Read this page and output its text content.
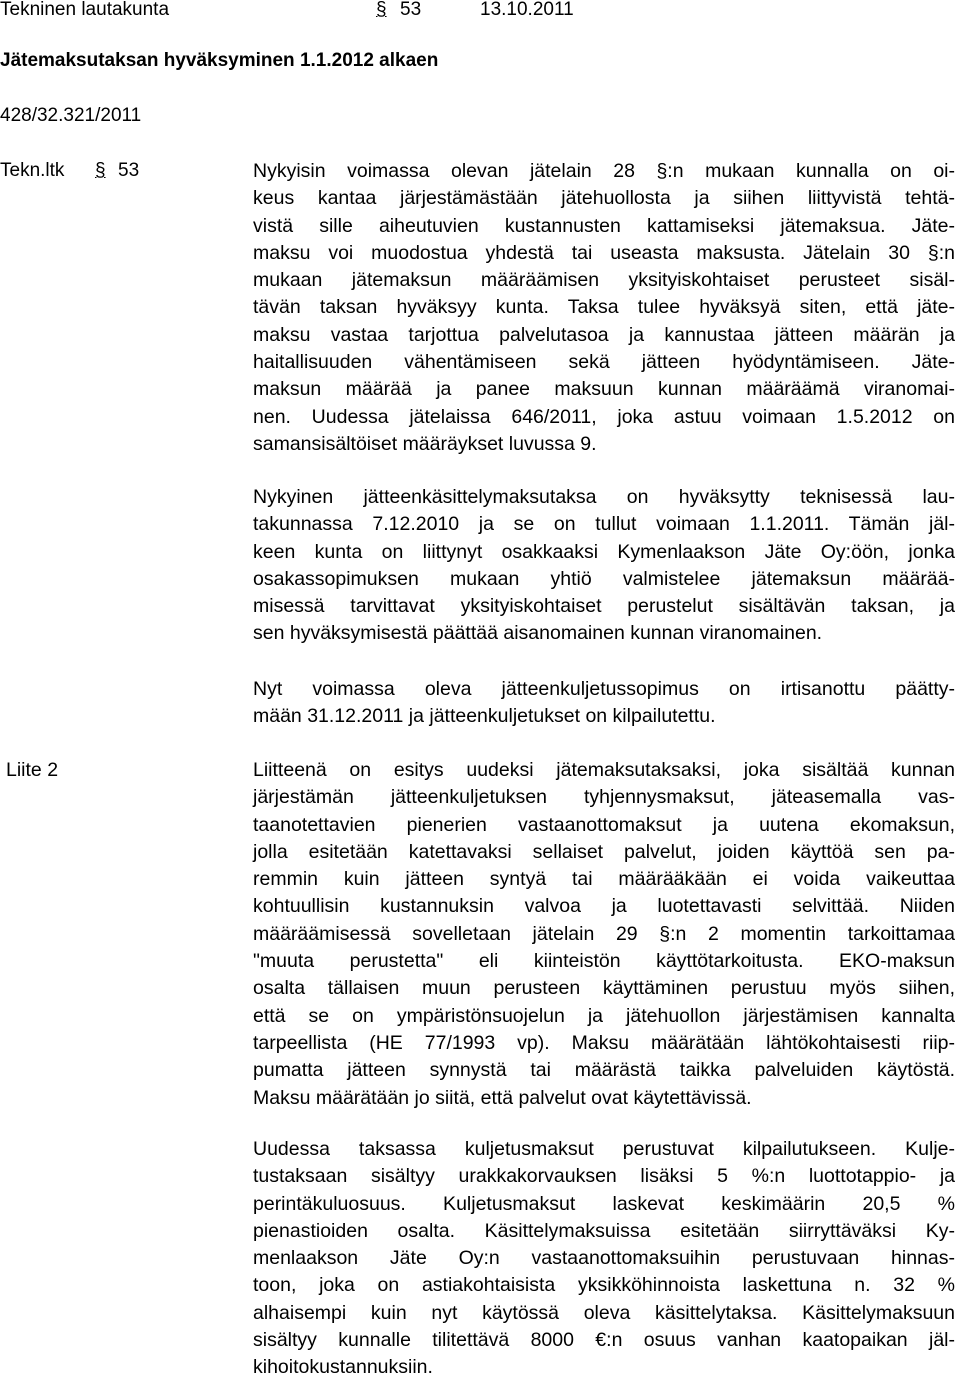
Tekninen lautakunta	§ 53	13.10.2011
Jätemaksutaksan hyväksyminen 1.1.2012 alkaen
428/32.321/2011
Tekn.ltk § 53	Nykyisin voimassa olevan jätelain 28 §:n mukaan kunnalla on oi-
keus kantaa järjestämästään jätehuollosta ja siihen liittyvistä tehtä-
vistä sille aiheutuvien kustannusten kattamiseksi jätemaksua. Jäte-
maksu voi muodostua yhdestä tai useasta maksusta. Jätelain 30 §:n
mukaan jätemaksun määräämisen yksityiskohtaiset perusteet sisäl-
tävän taksan hyväksyy kunta. Taksa tulee hyväksyä siten, että jäte-
maksu vastaa tarjottua palvelutasoa ja kannustaa jätteen määrän ja
haitallisuuden vähentämiseen sekä jätteen hyödyntämiseen. Jäte-
maksun määrää ja panee maksuun kunnan määräämä viranomai-
nen. Uudessa jätelaissa 646/2011, joka astuu voimaan 1.5.2012 on
samansisältöiset määräykset luvussa 9.
Nykyinen jätteenkäsittelymaksutaksa on hyväksytty teknisessä lau-
takunnassa 7.12.2010 ja se on tullut voimaan 1.1.2011. Tämän jäl-
keen kunta on liittynyt osakkaaksi Kymenlaakson Jäte Oy:öön, jonka
osakassopimuksen mukaan yhtiö valmistelee jätemaksun määrää-
misessä tarvittavat yksityiskohtaiset perustelut sisältävän taksan, ja
sen hyväksymisestä päättää aisanomainen kunnan viranomainen.
Nyt voimassa oleva jätteenkuljetussopimus on irtisanottu päätty-
mään 31.12.2011 ja jätteenkuljetukset on kilpailutettu.
Liite 2	Liitteenä on esitys uudeksi jätemaksutaksaksi, joka sisältää kunnan
järjestämän jätteenkuljetuksen tyhjennysmaksut, jäteasemalla vas-
taanotettavien pienerien vastaanottomaksut ja uutena ekomaksun,
jolla esitetään katettavaksi sellaiset palvelut, joiden käyttöä sen pa-
remmin kuin jätteen syntyä tai määrääkään ei voida vaikeuttaa
kohtuullisin kustannuksin valvoa ja luotettavasti selvittää. Niiden
määräämisessä sovelletaan jätelain 29 §:n 2 momentin tarkoittamaa
"muuta perustetta" eli kiinteistön käyttötarkoitusta. EKO-maksun
osalta tällaisen muun perusteen käyttäminen perustuu myös siihen,
että se on ympäristönsuojelun ja jätehuollon järjestämisen kannalta
tarpeellista (HE 77/1993 vp). Maksu määrätään lähtökohtaisesti riip-
pumatta jätteen synnystä tai määrästä taikka palveluiden käytöstä.
Maksu määrätään jo siitä, että palvelut ovat käytettävissä.
Uudessa taksassa kuljetusmaksut perustuvat kilpailutukseen. Kulje-
tustaksaan sisältyy urakkakorvauksen lisäksi 5 %:n luottotappio- ja
perintäkuluosuus. Kuljetusmaksut laskevat keskimäärin 20,5 %
pienastioiden osalta. Käsittelymaksuissa esitetään siirryttäväksi Ky-
menlaakson Jäte Oy:n vastaanottomaksuihin perustuvaan hinnas-
toon, joka on astiakohtaisista yksikköhinnoista laskettuna n. 32 %
alhaisempi kuin nyt käytössä oleva käsittelytaksa. Käsittelymaksuun
sisältyy kunnalle tilitettävä 8000 €:n osuus vanhan kaatopaikan jäl-
kihoitokustannuksiin.
